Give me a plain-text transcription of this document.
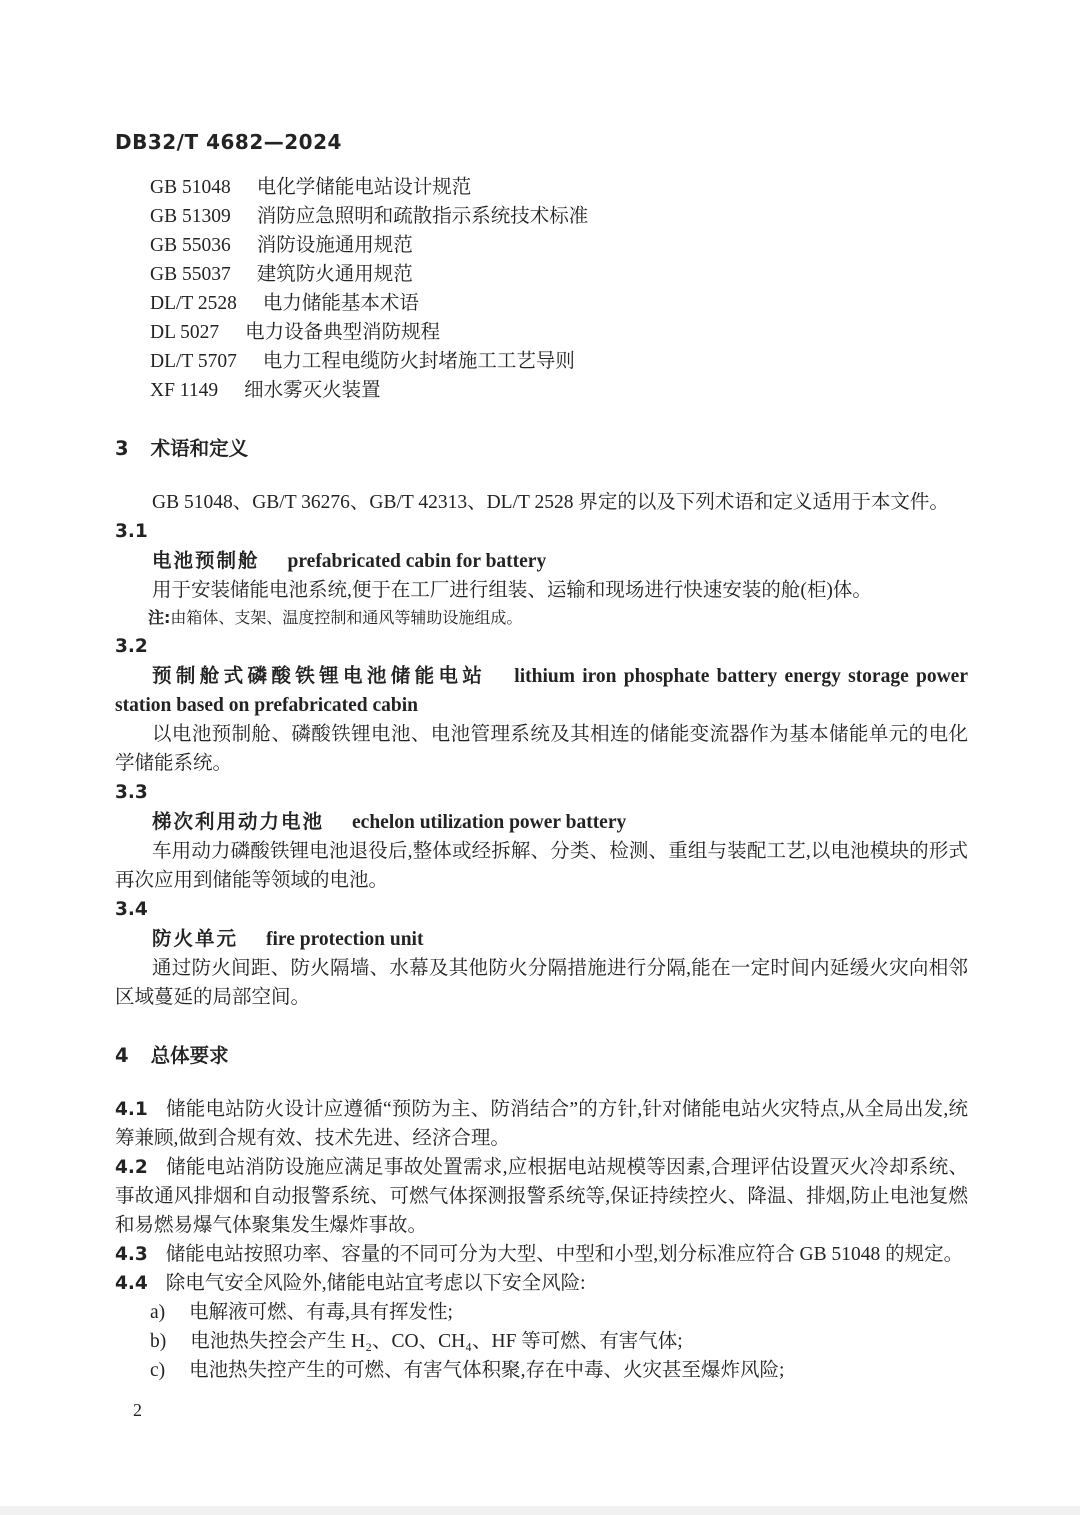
DB32/T 4682—2024
GB 51048 电化学储能电站设计规范
GB 51309 消防应急照明和疏散指示系统技术标准
GB 55036 消防设施通用规范
GB 55037 建筑防火通用规范
DL/T 2528 电力储能基本术语
DL 5027 电力设备典型消防规程
DL/T 5707 电力工程电缆防火封堵施工工艺导则
XF 1149 细水雾灭火装置
3 术语和定义

GB 51048、GB/T 36276、GB/T 42313、DL/T 2528 界定的以及下列术语和定义适用于本文件。

3.1

电池预制舱 prefabricated cabin for battery

用于安装储能电池系统,便于在工厂进行组装、运输和现场进行快速安装的舱(柜)体。

注:由箱体、支架、温度控制和通风等辅助设施组成。

3.2

预制舱式磷酸铁锂电池储能电站 lithium iron phosphate battery energy storage power station based on prefabricated cabin

以电池预制舱、磷酸铁锂电池、电池管理系统及其相连的储能变流器作为基本储能单元的电化学储能系统。

3.3

梯次利用动力电池 echelon utilization power battery

车用动力磷酸铁锂电池退役后,整体或经拆解、分类、检测、重组与装配工艺,以电池模块的形式再次应用到储能等领域的电池。

3.4

防火单元 fire protection unit

通过防火间距、防火隔墙、水幕及其他防火分隔措施进行分隔,能在一定时间内延缓火灾向相邻区域蔓延的局部空间。

4 总体要求

4.1 储能电站防火设计应遵循“预防为主、防消结合”的方针,针对储能电站火灾特点,从全局出发,统筹兼顾,做到合规有效、技术先进、经济合理。

4.2 储能电站消防设施应满足事故处置需求,应根据电站规模等因素,合理评估设置灭火冷却系统、事故通风排烟和自动报警系统、可燃气体探测报警系统等,保证持续控火、降温、排烟,防止电池复燃和易燃易爆气体聚集发生爆炸事故。

4.3 储能电站按照功率、容量的不同可分为大型、中型和小型,划分标准应符合 GB 51048 的规定。

4.4 除电气安全风险外,储能电站宜考虑以下安全风险:

a) 电解液可燃、有毒,具有挥发性;

b) 电池热失控会产生 H₂、CO、CH₄、HF 等可燃、有害气体;

c) 电池热失控产生的可燃、有害气体积聚,存在中毒、火灾甚至爆炸风险;

2
